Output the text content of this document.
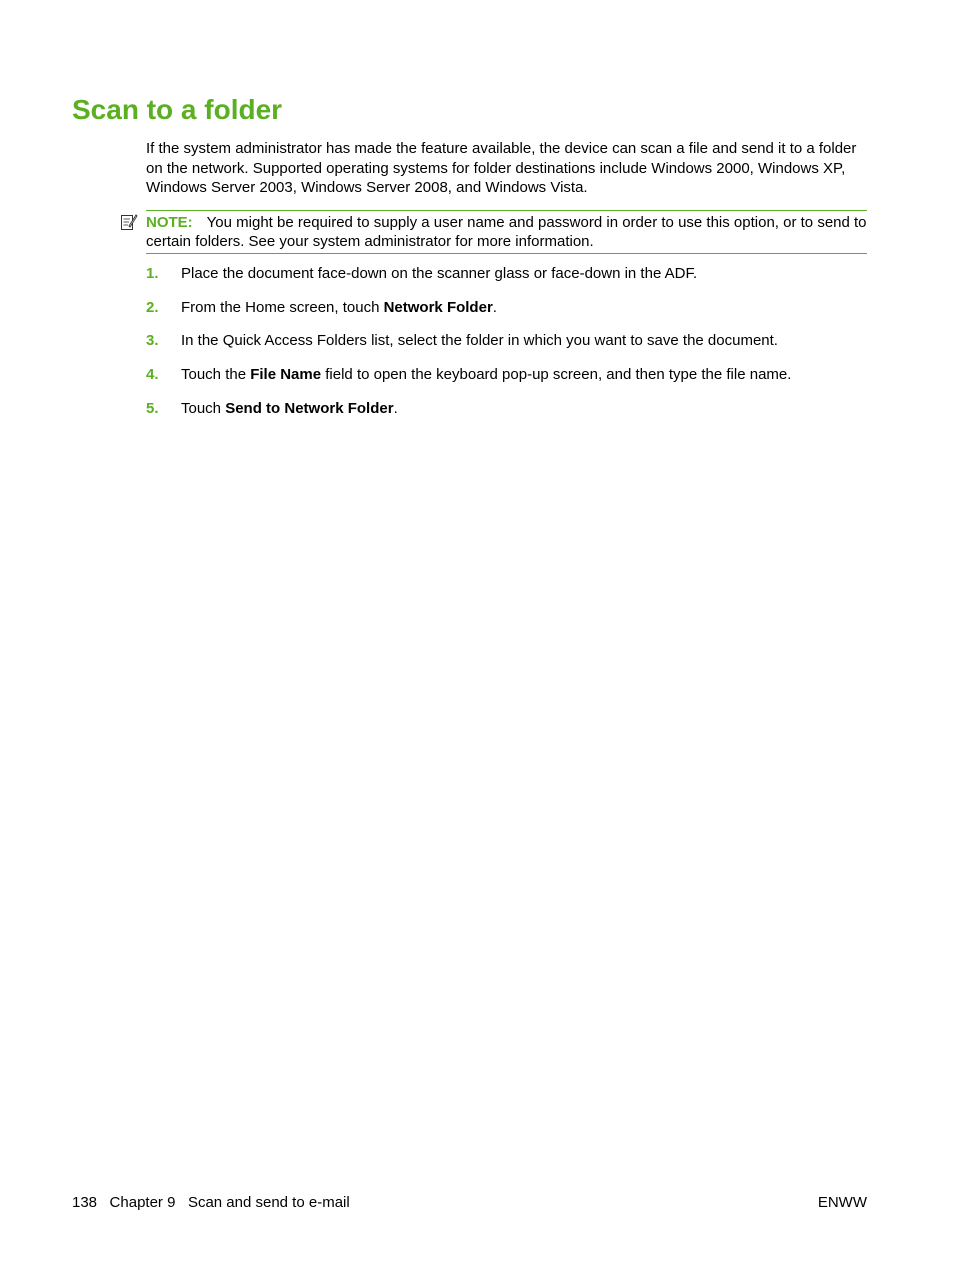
Scan to a folder

If the system administrator has made the feature available, the device can scan a file and send it to a folder on the network. Supported operating systems for folder destinations include Windows 2000, Windows XP, Windows Server 2003, Windows Server 2008, and Windows Vista.

NOTE: You might be required to supply a user name and password in order to use this option, or to send to certain folders. See your system administrator for more information.
1. Place the document face-down on the scanner glass or face-down in the ADF.
2. From the Home screen, touch Network Folder.
3. In the Quick Access Folders list, select the folder in which you want to save the document.
4. Touch the File Name field to open the keyboard pop-up screen, and then type the file name.
5. Touch Send to Network Folder.
138 Chapter 9 Scan and send to e-mail	ENWW
